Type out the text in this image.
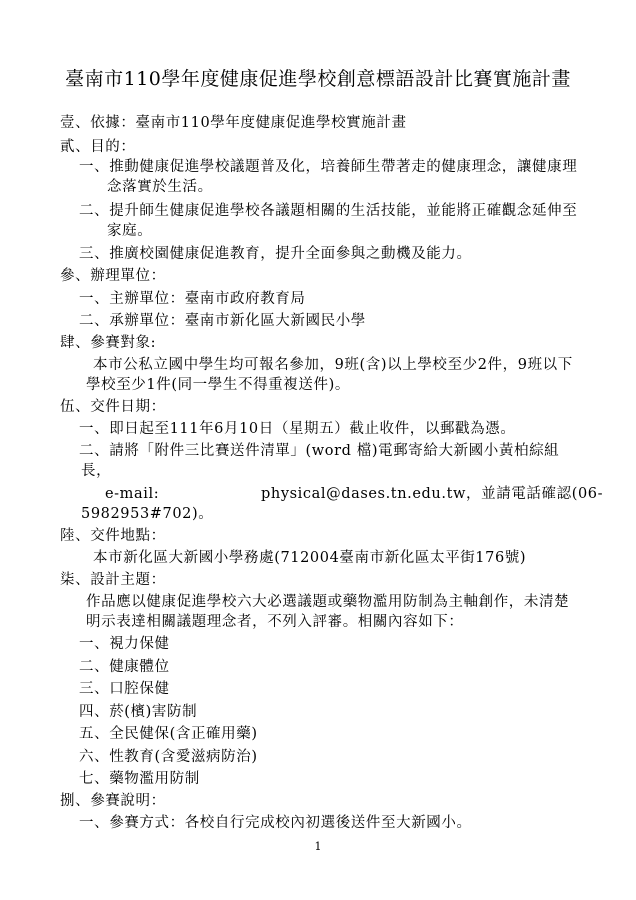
臺南市110學年度健康促進學校創意標語設計比賽實施計畫
壹、依據：臺南市110學年度健康促進學校實施計畫
貳、目的：
一、推動健康促進學校議題普及化，培養師生帶著走的健康理念，讓健康理
念落實於生活。
二、提升師生健康促進學校各議題相關的生活技能，並能將正確觀念延伸至
家庭。
三、推廣校園健康促進教育，提升全面參與之動機及能力。
參、辦理單位：
一、主辦單位：臺南市政府教育局
二、承辦單位：臺南市新化區大新國民小學
肆、參賽對象:
本市公私立國中學生均可報名參加，9班(含)以上學校至少2件，9班以下
學校至少1件(同一學生不得重複送件)。
伍、交件日期：
一、即日起至111年6月10日（星期五）截止收件，以郵戳為憑。
二、請將「附件三比賽送件清單」(word 檔)電郵寄給大新國小黃柏綜組
長，
e-mail:	physical@dases.tn.edu.tw，並請電話確認(06-
5982953#702)。
陸、交件地點：
本市新化區大新國小學務處(712004臺南市新化區太平街176號)
柒、設計主題：
作品應以健康促進學校六大必選議題或藥物濫用防制為主軸創作，未清楚
明示表達相關議題理念者，不列入評審。相關內容如下：
一、視力保健
二、健康體位
三、口腔保健
四、菸(檳)害防制
五、全民健保(含正確用藥)
六、性教育(含愛滋病防治)
七、藥物濫用防制
捌、參賽說明：
一、參賽方式：各校自行完成校內初選後送件至大新國小。
1
